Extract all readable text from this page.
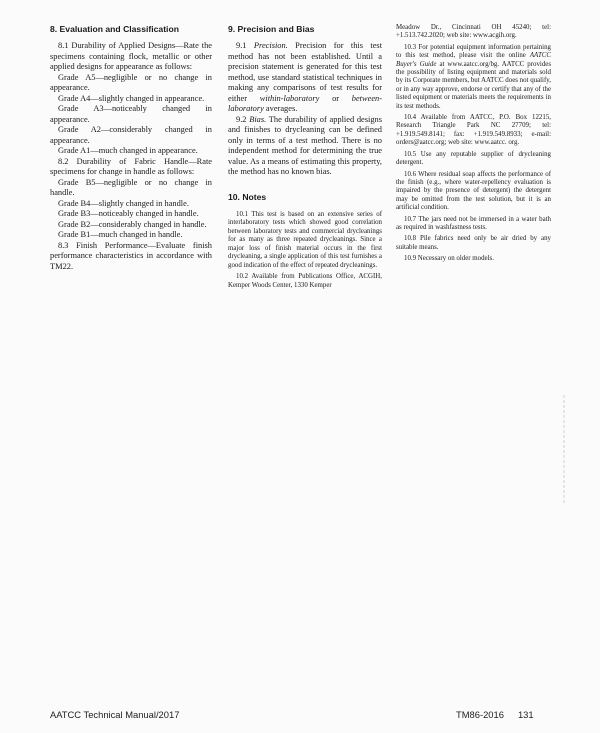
8. Evaluation and Classification

8.1 Durability of Applied Designs—Rate the specimens containing flock, metallic or other applied designs for appearance as follows:

Grade A5—negligible or no change in appearance.

Grade A4—slightly changed in appearance.

Grade A3—noticeably changed in appearance.

Grade A2—considerably changed in appearance.

Grade A1—much changed in appearance.

8.2 Durability of Fabric Handle—Rate specimens for change in handle as follows:

Grade B5—negligible or no change in handle.

Grade B4—slightly changed in handle.

Grade B3—noticeably changed in handle.

Grade B2—considerably changed in handle.

Grade B1—much changed in handle.

8.3 Finish Performance—Evaluate finish performance characteristics in accordance with TM22.

9. Precision and Bias

9.1 Precision. Precision for this test method has not been established. Until a precision statement is generated for this test method, use standard statistical techniques in making any comparisons of test results for either within-laboratory or between-laboratory averages.

9.2 Bias. The durability of applied designs and finishes to drycleaning can be defined only in terms of a test method. There is no independent method for determining the true value. As a means of estimating this property, the method has no known bias.

10. Notes

10.1 This test is based on an extensive series of interlaboratory tests which showed good correlation between laboratory tests and commercial drycleanings for as many as three repeated drycleanings. Since a major loss of finish material occurs in the first drycleaning, a single application of this test furnishes a good indication of the effect of repeated drycleanings.

10.2 Available from Publications Office, ACGIH, Kemper Woods Center, 1330 Kemper

Meadow Dr., Cincinnati OH 45240; tel: +1.513.742.2020; web site: www.acgih.org.

10.3 For potential equipment information pertaining to this test method, please visit the online AATCC Buyer's Guide at www.aatcc.org/bg. AATCC provides the possibility of listing equipment and materials sold by its Corporate members, but AATCC does not qualify, or in any way approve, endorse or certify that any of the listed equipment or materials meets the requirements in its test methods.

10.4 Available from AATCC, P.O. Box 12215, Research Triangle Park NC 27709; tel: +1.919.549.8141; fax: +1.919.549.8933; e-mail: orders@aatcc.org; web site: www.aatcc. org.

10.5 Use any reputable supplier of drycleaning detergent.

10.6 Where residual soap affects the performance of the finish (e.g., where water-repellency evaluation is impaired by the presence of detergent) the detergent may be omitted from the test solution, but it is an artificial condition.

10.7 The jars need not be immersed in a water bath as required in washfastness tests.

10.8 Pile fabrics need only be air dried by any suitable means.

10.9 Necessary on older models.

AATCC Technical Manual/2017	TM86-2016 131
